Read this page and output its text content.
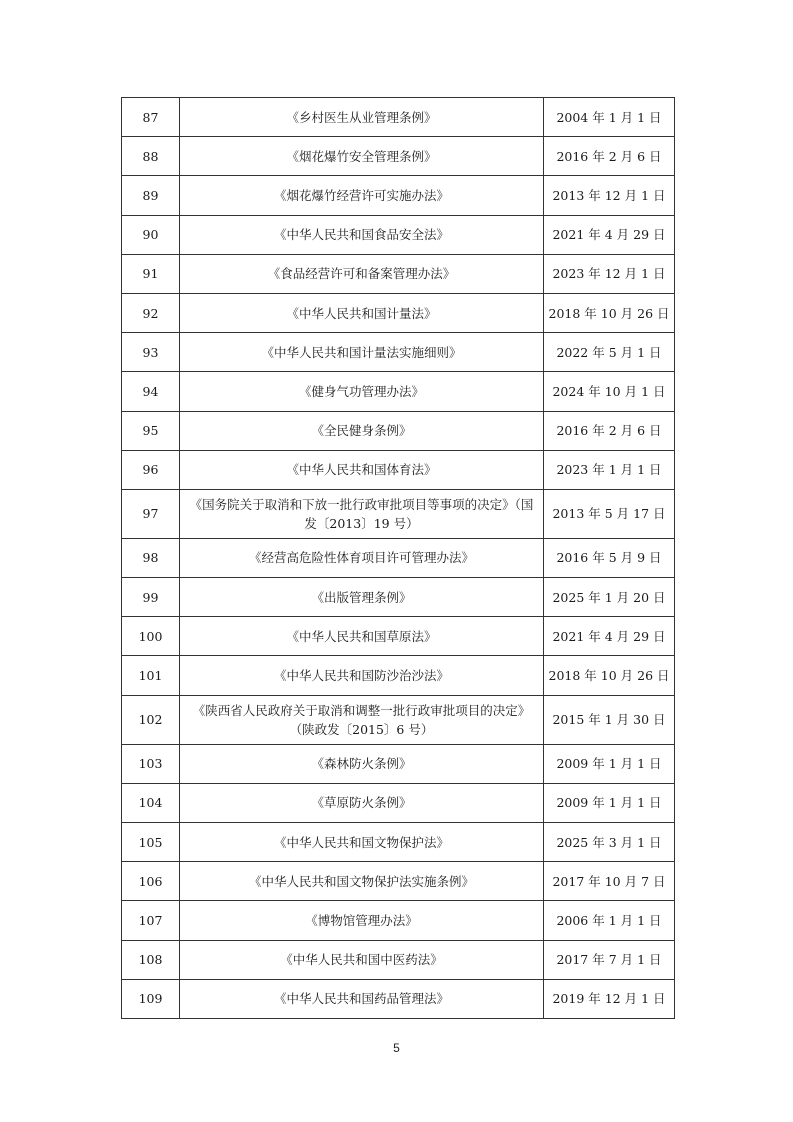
87	《乡村医生从业管理条例》	2004 年 1 月 1 日
88	《烟花爆竹安全管理条例》	2016 年 2 月 6 日
89	《烟花爆竹经营许可实施办法》	2013 年 12 月 1 日
90	《中华人民共和国食品安全法》	2021 年 4 月 29 日
91	《食品经营许可和备案管理办法》	2023 年 12 月 1 日
92	《中华人民共和国计量法》	2018 年 10 月 26 日
93	《中华人民共和国计量法实施细则》	2022 年 5 月 1 日
94	《健身气功管理办法》	2024 年 10 月 1 日
95	《全民健身条例》	2016 年 2 月 6 日
96	《中华人民共和国体育法》	2023 年 1 月 1 日
97	《国务院关于取消和下放一批行政审批项目等事项的决定》（国发〔2013〕19 号）	2013 年 5 月 17 日
98	《经营高危险性体育项目许可管理办法》	2016 年 5 月 9 日
99	《出版管理条例》	2025 年 1 月 20 日
100	《中华人民共和国草原法》	2021 年 4 月 29 日
101	《中华人民共和国防沙治沙法》	2018 年 10 月 26 日
102	《陕西省人民政府关于取消和调整一批行政审批项目的决定》（陕政发〔2015〕6 号）	2015 年 1 月 30 日
103	《森林防火条例》	2009 年 1 月 1 日
104	《草原防火条例》	2009 年 1 月 1 日
105	《中华人民共和国文物保护法》	2025 年 3 月 1 日
106	《中华人民共和国文物保护法实施条例》	2017 年 10 月 7 日
107	《博物馆管理办法》	2006 年 1 月 1 日
108	《中华人民共和国中医药法》	2017 年 7 月 1 日
109	《中华人民共和国药品管理法》	2019 年 12 月 1 日
5
